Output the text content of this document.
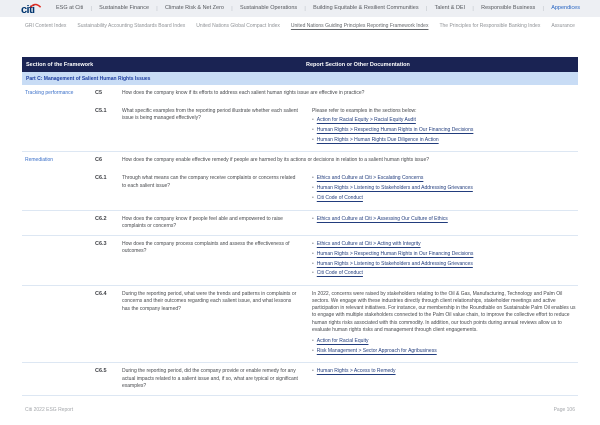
citi	ESG at Citi | Sustainable Finance | Climate Risk & Net Zero | Sustainable Operations | Building Equitable & Resilient Communities | Talent & DEI | Responsible Business | Appendices
GRI Content Index Sustainability Accounting Standards Board Index United Nations Global Compact Index United Nations Guiding Principles Reporting Framework Index The Principles for Responsible Banking Index Assurance
Section of the Framework	Report Section or Other Documentation
Part C: Management of Salient Human Rights Issues
Tracking performance	C5	How does the company know if its efforts to address each salient human rights issue are effective in practice?
C5.1	What specific examples from the reporting period illustrate whether each salient issue is being managed effectively?
Please refer to examples in the sections below:
• Action for Racial Equity > Racial Equity Audit
• Human Rights > Respecting Human Rights in Our Financing Decisions
• Human Rights > Human Rights Due Diligence in Action
Remediation	C6	How does the company enable effective remedy if people are harmed by its actions or decisions in relation to a salient human rights issue?
C6.1	Through what means can the company receive complaints or concerns related to each salient issue?
• Ethics and Culture at Citi > Escalating Concerns
• Human Rights > Listening to Stakeholders and Addressing Grievances
• Citi Code of Conduct
C6.2	How does the company know if people feel able and empowered to raise complaints or concerns?
• Ethics and Culture at Citi > Assessing Our Culture of Ethics
C6.3	How does the company process complaints and assess the effectiveness of outcomes?
• Ethics and Culture at Citi > Acting with Integrity
• Human Rights > Respecting Human Rights in Our Financing Decisions
• Human Rights > Listening to Stakeholders and Addressing Grievances
• Citi Code of Conduct
C6.4	During the reporting period, what were the trends and patterns in complaints or concerns and their outcomes regarding each salient issue, and what lessons has the company learned?
In 2022, concerns were raised by stakeholders relating to the Oil & Gas, Manufacturing, Technology and Palm Oil sectors. We engage with these industries directly through client relationships, stakeholder meetings and active participation in relevant initiatives. For instance, our membership in the Roundtable on Sustainable Palm Oil enables us to engage with multiple stakeholders connected to the Palm Oil value chain, to improve the collective effort to reduce human rights risks associated with this commodity. In addition, our touch points during annual reviews allow us to evaluate human rights risks and management through client engagements.
• Action for Racial Equity
• Risk Management > Sector Approach for Agribusiness
C6.5	During the reporting period, did the company provide or enable remedy for any actual impacts related to a salient issue and, if so, what are typical or significant examples?
• Human Rights > Access to Remedy
Citi 2022 ESG Report	Page 106
